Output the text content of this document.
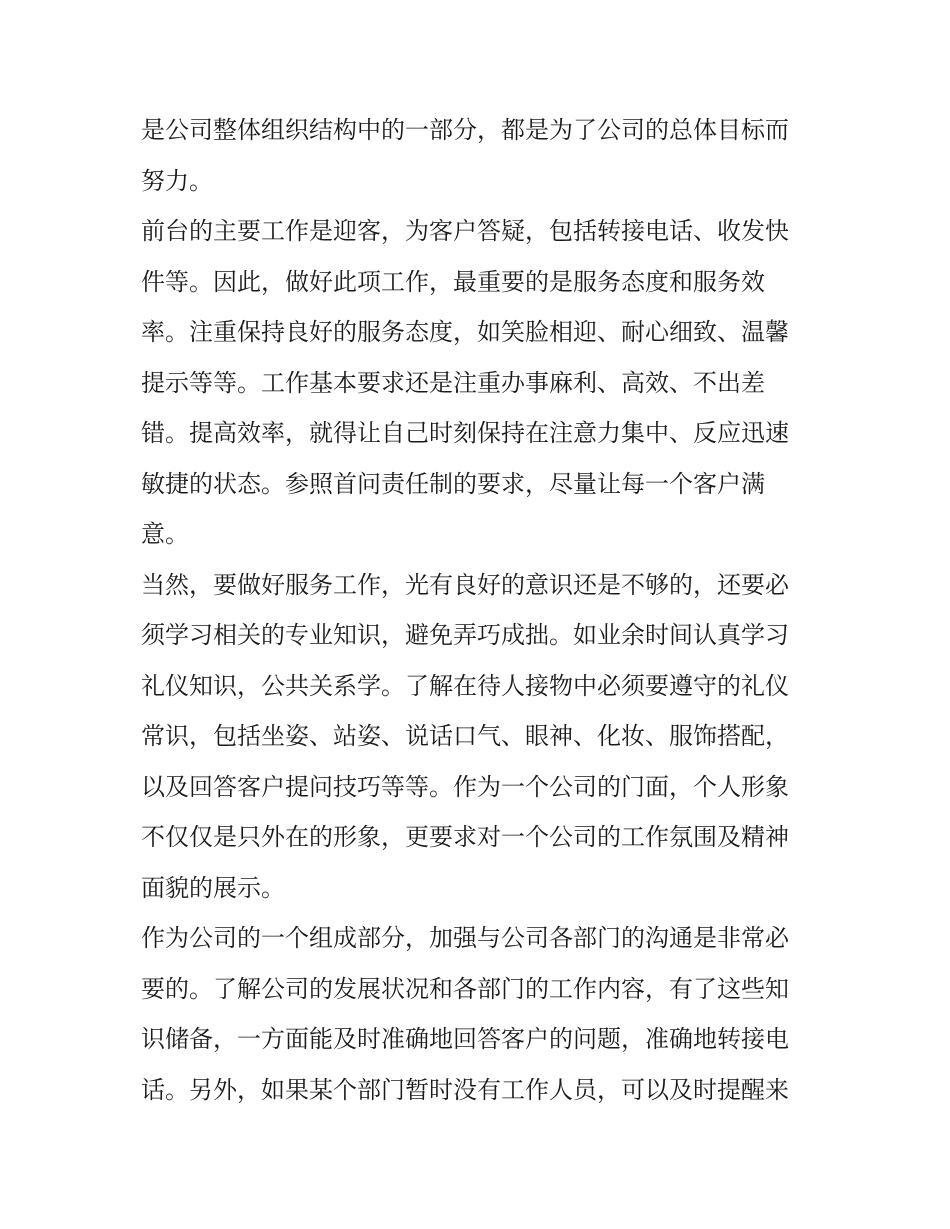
是公司整体组织结构中的一部分，都是为了公司的总体目标而
努力。

前台的主要工作是迎客，为客户答疑，包括转接电话、收发快
件等。因此，做好此项工作，最重要的是服务态度和服务效
率。注重保持良好的服务态度，如笑脸相迎、耐心细致、温馨
提示等等。工作基本要求还是注重办事麻利、高效、不出差
错。提高效率，就得让自己时刻保持在注意力集中、反应迅速
敏捷的状态。参照首问责任制的要求，尽量让每一个客户满
意。

当然，要做好服务工作，光有良好的意识还是不够的，还要必
须学习相关的专业知识，避免弄巧成拙。如业余时间认真学习
礼仪知识，公共关系学。了解在待人接物中必须要遵守的礼仪
常识，包括坐姿、站姿、说话口气、眼神、化妆、服饰搭配，
以及回答客户提问技巧等等。作为一个公司的门面，个人形象
不仅仅是只外在的形象，更要求对一个公司的工作氛围及精神
面貌的展示。

作为公司的一个组成部分，加强与公司各部门的沟通是非常必
要的。了解公司的发展状况和各部门的工作内容，有了这些知
识储备，一方面能及时准确地回答客户的问题，准确地转接电
话。另外，如果某个部门暂时没有工作人员，可以及时提醒来
